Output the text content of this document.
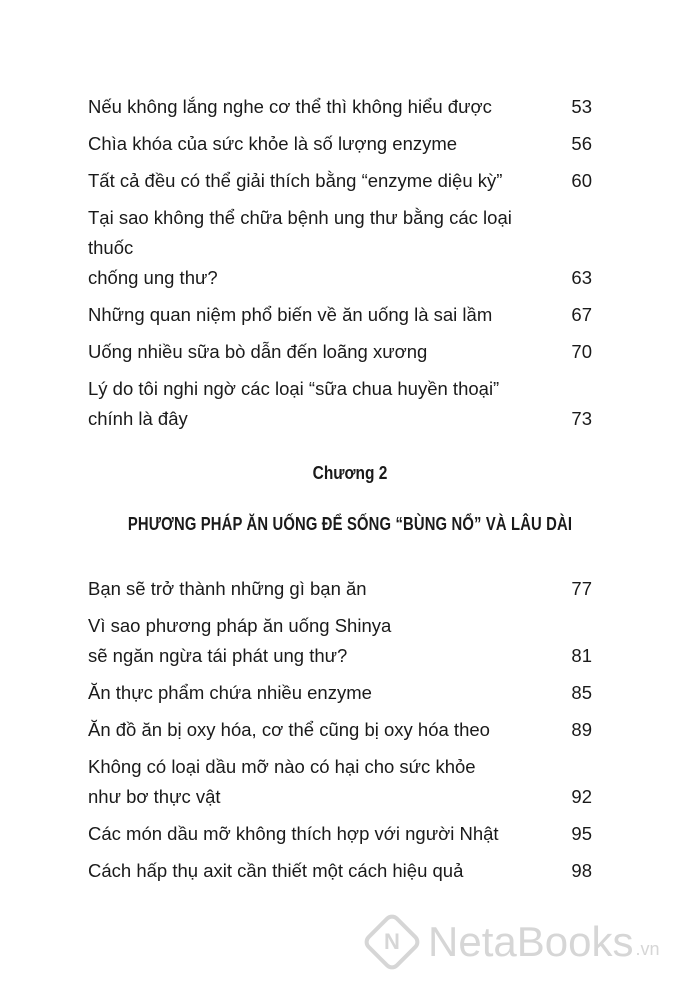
Nếu không lắng nghe cơ thể thì không hiểu được	53
Chìa khóa của sức khỏe là số lượng enzyme	56
Tất cả đều có thể giải thích bằng “enzyme diệu kỳ”	60
Tại sao không thể chữa bệnh ung thư bằng các loại thuốc
chống ung thư?	63
Những quan niệm phổ biến về ăn uống là sai lầm	67
Uống nhiều sữa bò dẫn đến loãng xương	70
Lý do tôi nghi ngờ các loại “sữa chua huyền thoại”
chính là đây	73
Chương 2
PHƯƠNG PHÁP ĂN UỐNG ĐỂ SỐNG “BÙNG NỔ” VÀ LÂU DÀI
Bạn sẽ trở thành những gì bạn ăn	77
Vì sao phương pháp ăn uống Shinya
sẽ ngăn ngừa tái phát ung thư?	81
Ăn thực phẩm chứa nhiều enzyme	85
Ăn đồ ăn bị oxy hóa, cơ thể cũng bị oxy hóa theo	89
Không có loại dầu mỡ nào có hại cho sức khỏe
như bơ thực vật	92
Các món dầu mỡ không thích hợp với người Nhật	95
Cách hấp thụ axit cần thiết một cách hiệu quả	98
N NetaBooks .vn
